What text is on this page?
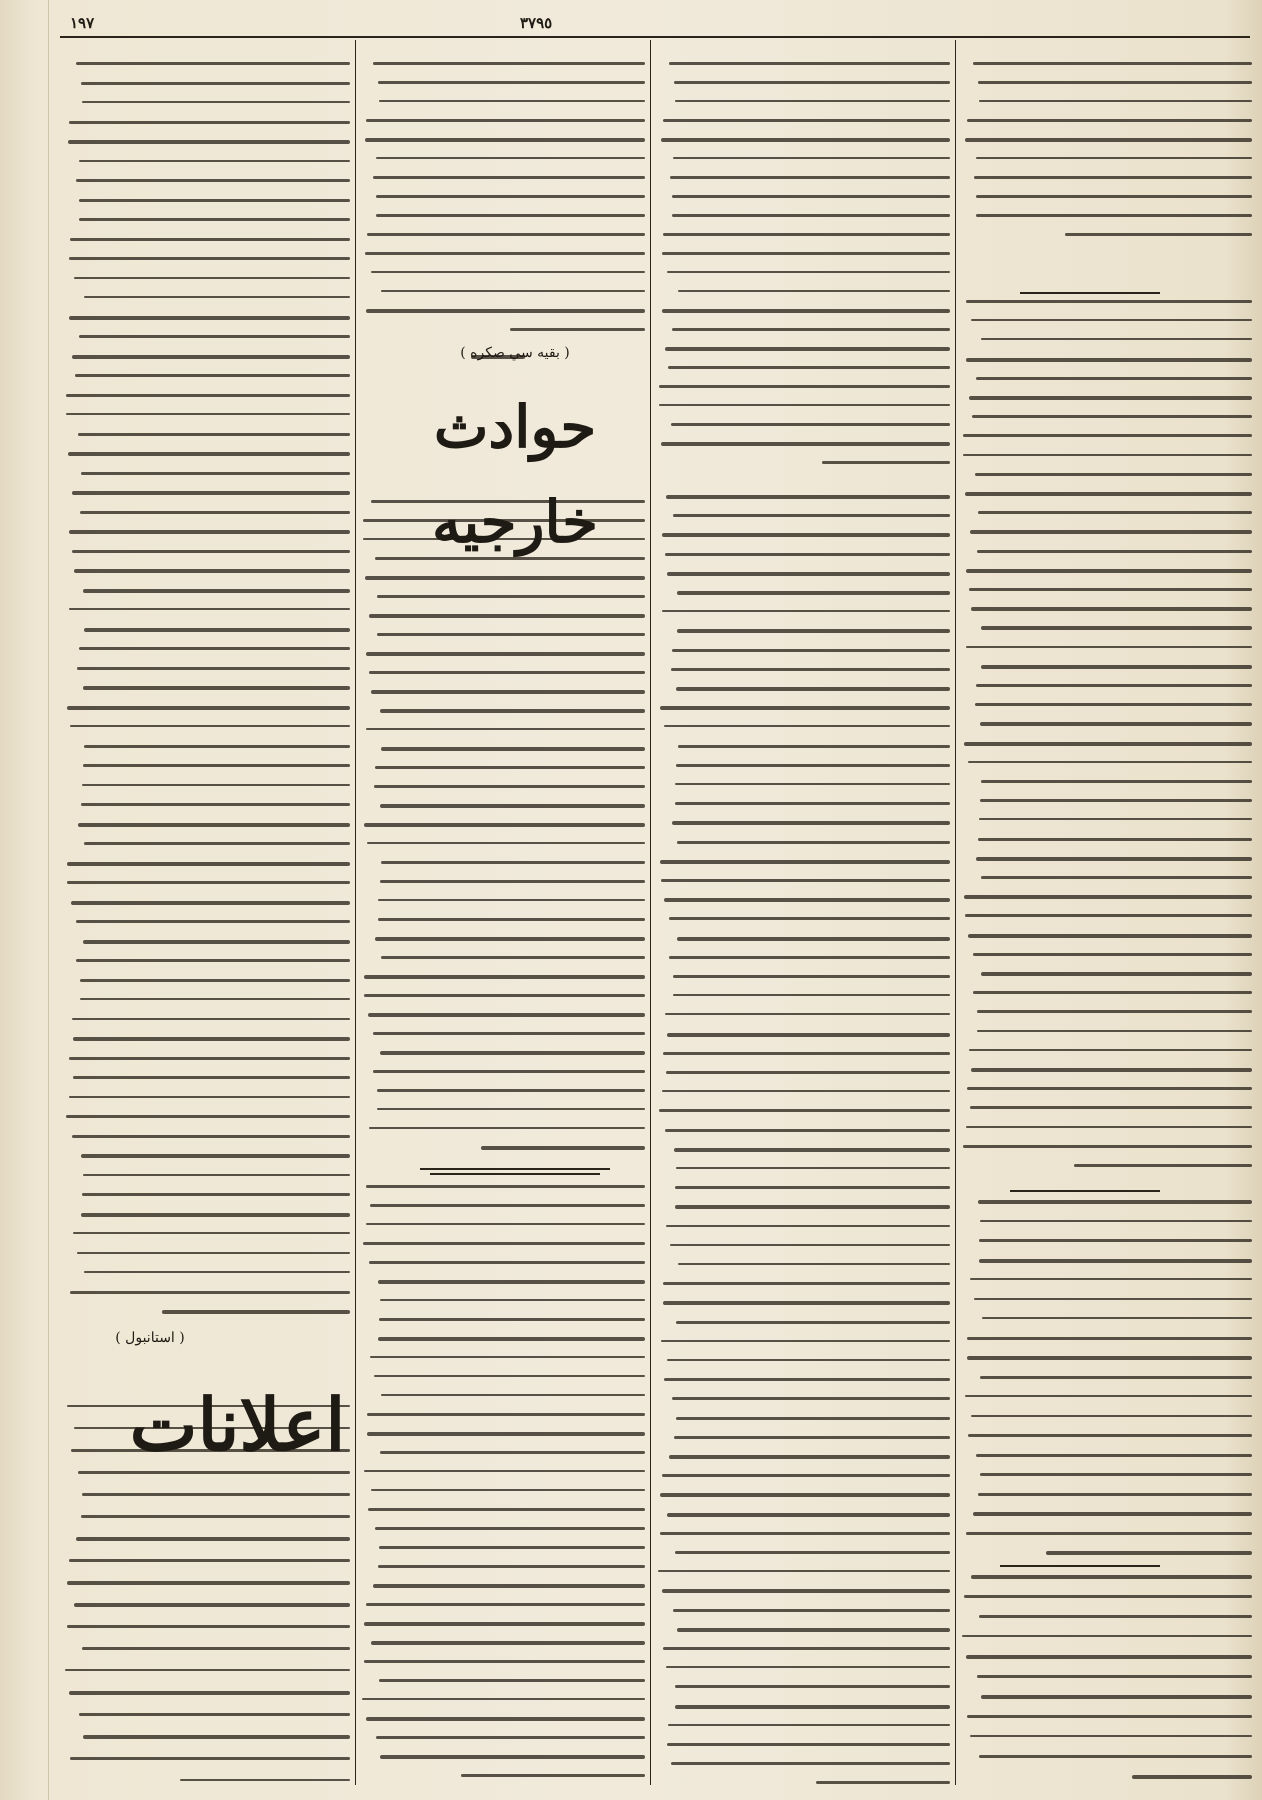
١٩٧	٣٧٩٥
حوادث خارجيه
( بقيه سي صكره )
اعلانات
( استانبول )
